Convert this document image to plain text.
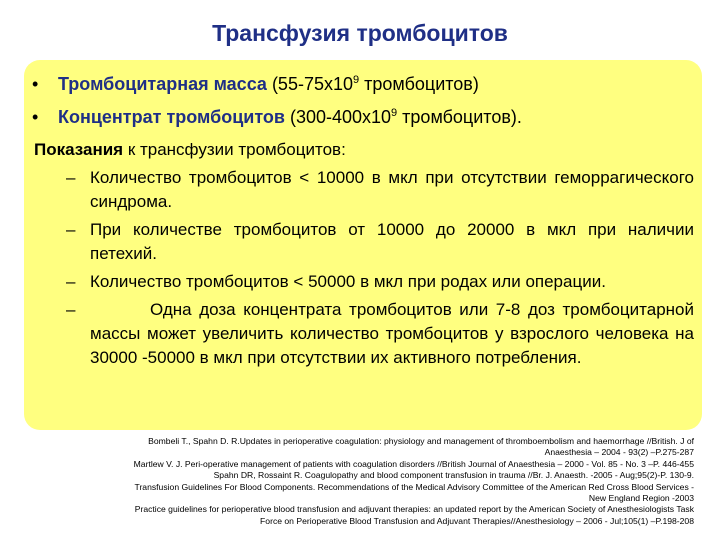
Трансфузия тромбоцитов
•	Тромбоцитарная масса ($55-75х10^9$ тромбоцитов)
•	Концентрат тромбоцитов ($300-400х10^9$ тромбоцитов).
Показания к трансфузии тромбоцитов:
– Количество тромбоцитов < 10000 в мкл при отсутствии геморрагического синдрома.
– При количестве тромбоцитов от 10000 до 20000 в мкл при наличии петехий.
– Количество тромбоцитов < 50000 в мкл при родах или операции.
–	Одна доза концентрата тромбоцитов или 7-8 доз тромбоцитарной массы может увеличить количество тромбоцитов у взрослого человека на 30000 -50000 в мкл при отсутствии их активного потребления.
Bombeli T., Spahn D. R.Updates in perioperative coagulation: physiology and management of thromboembolism and haemorrhage //British. J of
Anaesthesia – 2004 - 93(2) –P.275-287
Martlew V. J. Peri-operative management of patients with coagulation disorders //British Journal of Anaesthesia – 2000 - Vol. 85 - No. 3 –P. 446-455
Spahn DR, Rossaint R. Coagulopathy and blood component transfusion in trauma //Br. J. Anaesth. -2005 - Aug;95(2)-P. 130-9.
Transfusion Guidelines For Blood Components. Recommendations of the Medical Advisory Committee of the American Red Cross Blood Services -
New England Region -2003
Practice guidelines for perioperative blood transfusion and adjuvant therapies: an updated report by the American Society of Anesthesiologists Task
Force on Perioperative Blood Transfusion and Adjuvant Therapies//Anesthesiology – 2006 - Jul;105(1) –P.198-208
